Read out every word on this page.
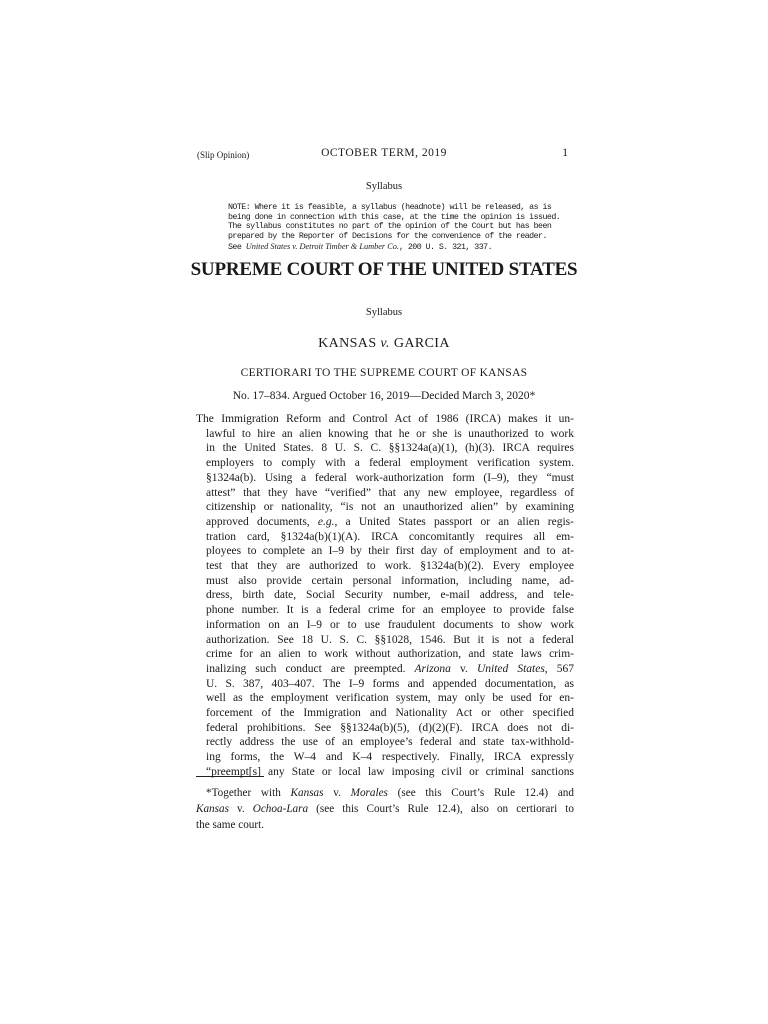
(Slip Opinion)	OCTOBER TERM, 2019	1
Syllabus
NOTE: Where it is feasible, a syllabus (headnote) will be released, as is
being done in connection with this case, at the time the opinion is issued.
The syllabus constitutes no part of the opinion of the Court but has been
prepared by the Reporter of Decisions for the convenience of the reader.
See United States v. Detroit Timber & Lumber Co., 200 U. S. 321, 337.
SUPREME COURT OF THE UNITED STATES
Syllabus
KANSAS v. GARCIA
CERTIORARI TO THE SUPREME COURT OF KANSAS
No. 17–834. Argued October 16, 2019—Decided March 3, 2020*
The Immigration Reform and Control Act of 1986 (IRCA) makes it un-
lawful to hire an alien knowing that he or she is unauthorized to work
in the United States. 8 U. S. C. §§1324a(a)(1), (h)(3). IRCA requires
employers to comply with a federal employment verification system.
§1324a(b). Using a federal work-authorization form (I–9), they “must
attest” that they have “verified” that any new employee, regardless of
citizenship or nationality, “is not an unauthorized alien” by examining
approved documents, e.g., a United States passport or an alien regis-
tration card, §1324a(b)(1)(A). IRCA concomitantly requires all em-
ployees to complete an I–9 by their first day of employment and to at-
test that they are authorized to work. §1324a(b)(2). Every employee
must also provide certain personal information, including name, ad-
dress, birth date, Social Security number, e-mail address, and tele-
phone number. It is a federal crime for an employee to provide false
information on an I–9 or to use fraudulent documents to show work
authorization. See 18 U. S. C. §§1028, 1546. But it is not a federal
crime for an alien to work without authorization, and state laws crim-
inalizing such conduct are preempted. Arizona v. United States, 567
U. S. 387, 403–407. The I–9 forms and appended documentation, as
well as the employment verification system, may only be used for en-
forcement of the Immigration and Nationality Act or other specified
federal prohibitions. See §§1324a(b)(5), (d)(2)(F). IRCA does not di-
rectly address the use of an employee’s federal and state tax-withhold-
ing forms, the W–4 and K–4 respectively. Finally, IRCA expressly
“preempt[s] any State or local law imposing civil or criminal sanctions
*Together with Kansas v. Morales (see this Court’s Rule 12.4) and
Kansas v. Ochoa-Lara (see this Court’s Rule 12.4), also on certiorari to
the same court.
